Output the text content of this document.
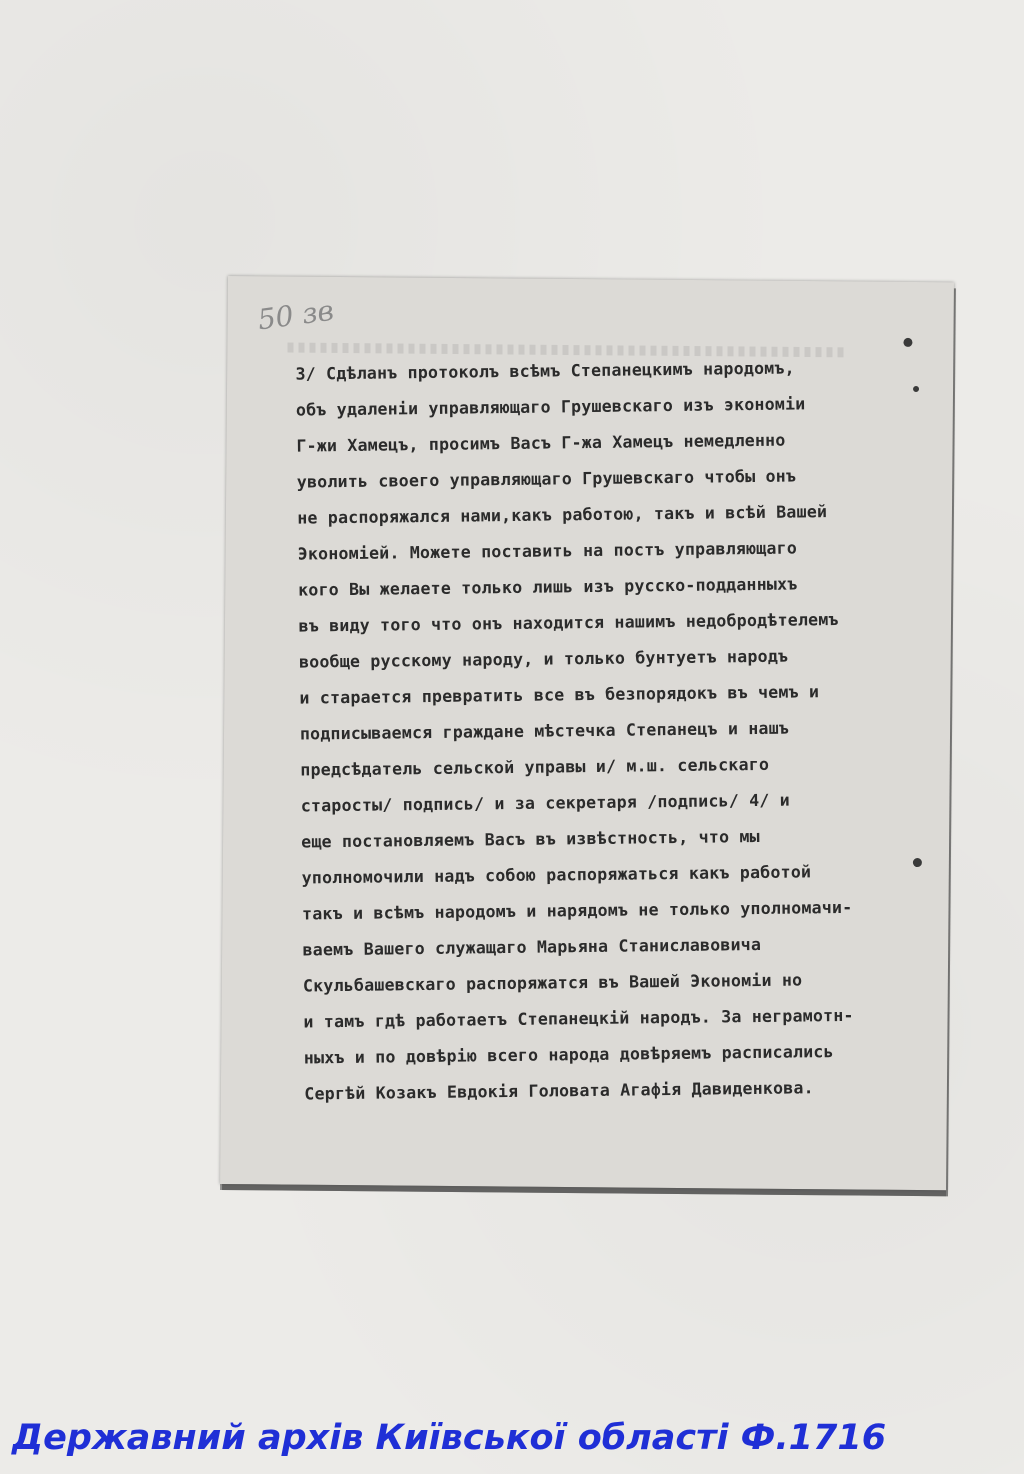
50 зв
3/ Сдѣланъ протоколъ всѣмъ Степанецкимъ народомъ,
объ удаленіи управляющаго Грушевскаго изъ экономіи
Г-жи Хамецъ, просимъ Васъ Г-жа Хамецъ немедленно
уволить своего управляющаго Грушевскаго чтобы онъ
не распоряжался нами,какъ работою, такъ и всѣй Вашей
Экономіей. Можете поставить на постъ управляющаго
кого Вы желаете только лишь изъ русско-подданныхъ
въ виду того что онъ находится нашимъ недобродѣтелемъ
вообще русскому народу, и только бунтуетъ народъ
и старается превратить все въ безпорядокъ въ чемъ и
подписываемся граждане мѣстечка Степанецъ и нашъ
предсѣдатель сельской управы и/ м.ш. сельскаго
старосты/ подпись/ и за секретаря /подпись/ 4/ и
еще постановляемъ Васъ въ извѣстность, что мы
уполномочили надъ собою распоряжаться какъ работой
такъ и всѣмъ народомъ и нарядомъ не только уполномачи-
ваемъ Вашего служащаго Марьяна Станиславовича
Скульбашевскаго распоряжатся въ Вашей Экономіи но
и тамъ гдѣ работаетъ Степанецкій народъ. За неграмотн-
ныхъ и по довѣрію всего народа довѣряемъ расписались
Сергѣй Козакъ Евдокія Головата Агафія Давиденкова.
Державний архів Київської області Ф.1716
